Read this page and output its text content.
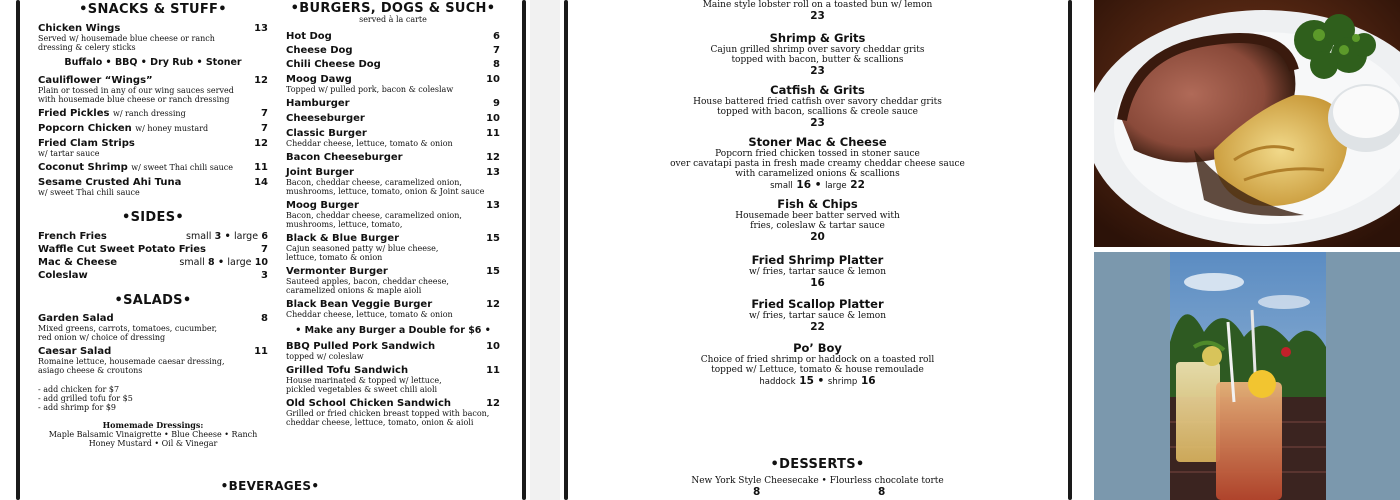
•SNACKS & STUFF•
Chicken Wings	13
Served w/ housemade blue cheese or ranch dressing & celery sticks
Buffalo • BBQ • Dry Rub • Stoner
Cauliflower “Wings”	12
Plain or tossed in any of our wing sauces served with housemade blue cheese or ranch dressing
Fried Pickles w/ ranch dressing	7
Popcorn Chicken w/ honey mustard	7
Fried Clam Strips	12
w/ tartar sauce
Coconut Shrimp w/ sweet Thai chili sauce 11
Sesame Crusted Ahi Tuna	14
w/ sweet Thai chili sauce
•SIDES•
French Fries	small 3 • large 6
Waffle Cut Sweet Potato Fries	7
Mac & Cheese	small 8 • large 10
Coleslaw	3
•SALADS•
Garden Salad	8
Mixed greens, carrots, tomatoes, cucumber, red onion w/ choice of dressing
Caesar Salad	11
Romaine lettuce, housemade caesar dressing, asiago cheese & croutons
- add chicken for $7
- add grilled tofu for $5
- add shrimp for $9
Homemade Dressings:
Maple Balsamic Vinaigrette • Blue Cheese • Ranch
Honey Mustard • Oil & Vinegar
•BEVERAGES•
•BURGERS, DOGS & SUCH•
served à la carte
Hot Dog	6
Cheese Dog	7
Chili Cheese Dog	8
Moog Dawg	10
Topped w/ pulled pork, bacon & coleslaw
Hamburger	9
Cheeseburger	10
Classic Burger	11
Cheddar cheese, lettuce, tomato & onion
Bacon Cheeseburger	12
Joint Burger	13
Bacon, cheddar cheese, caramelized onion, mushrooms, lettuce, tomato, onion & Joint sauce
Moog Burger	13
Bacon, cheddar cheese, caramelized onion, mushrooms, lettuce, tomato,
Black & Blue Burger	15
Cajun seasoned patty w/ blue cheese, lettuce, tomato & onion
Vermonter Burger	15
Sauteed apples, bacon, cheddar cheese, caramelized onions & maple aioli
Black Bean Veggie Burger	12
Cheddar cheese, lettuce, tomato & onion
• Make any Burger a Double for $6 •
BBQ Pulled Pork Sandwich	10
topped w/ coleslaw
Grilled Tofu Sandwich	11
House marinated & topped w/ lettuce, pickled vegetables & sweet chili aioli
Old School Chicken Sandwich	12
Grilled or fried chicken breast topped with bacon, cheddar cheese, lettuce, tomato, onion & aioli
Maine style lobster roll on a toasted bun w/ lemon
23
Shrimp & Grits
Cajun grilled shrimp over savory cheddar grits
topped with bacon, butter & scallions
23
Catfish & Grits
House battered fried catfish over savory cheddar grits
topped with bacon, scallions & creole sauce
23
Stoner Mac & Cheese
Popcorn fried chicken tossed in stoner sauce
over cavatapi pasta in fresh made creamy cheddar cheese sauce
with caramelized onions & scallions
small 16 • large 22
Fish & Chips
Housemade beer batter served with
fries, coleslaw & tartar sauce
20
Fried Shrimp Platter
w/ fries, tartar sauce & lemon
16
Fried Scallop Platter
w/ fries, tartar sauce & lemon
22
Po’ Boy
Choice of fried shrimp or haddock on a toasted roll
topped w/ Lettuce, tomato & house remoulade
haddock 15 • shrimp 16
•DESSERTS•
New York Style Cheesecake • Flourless chocolate torte
8	8
